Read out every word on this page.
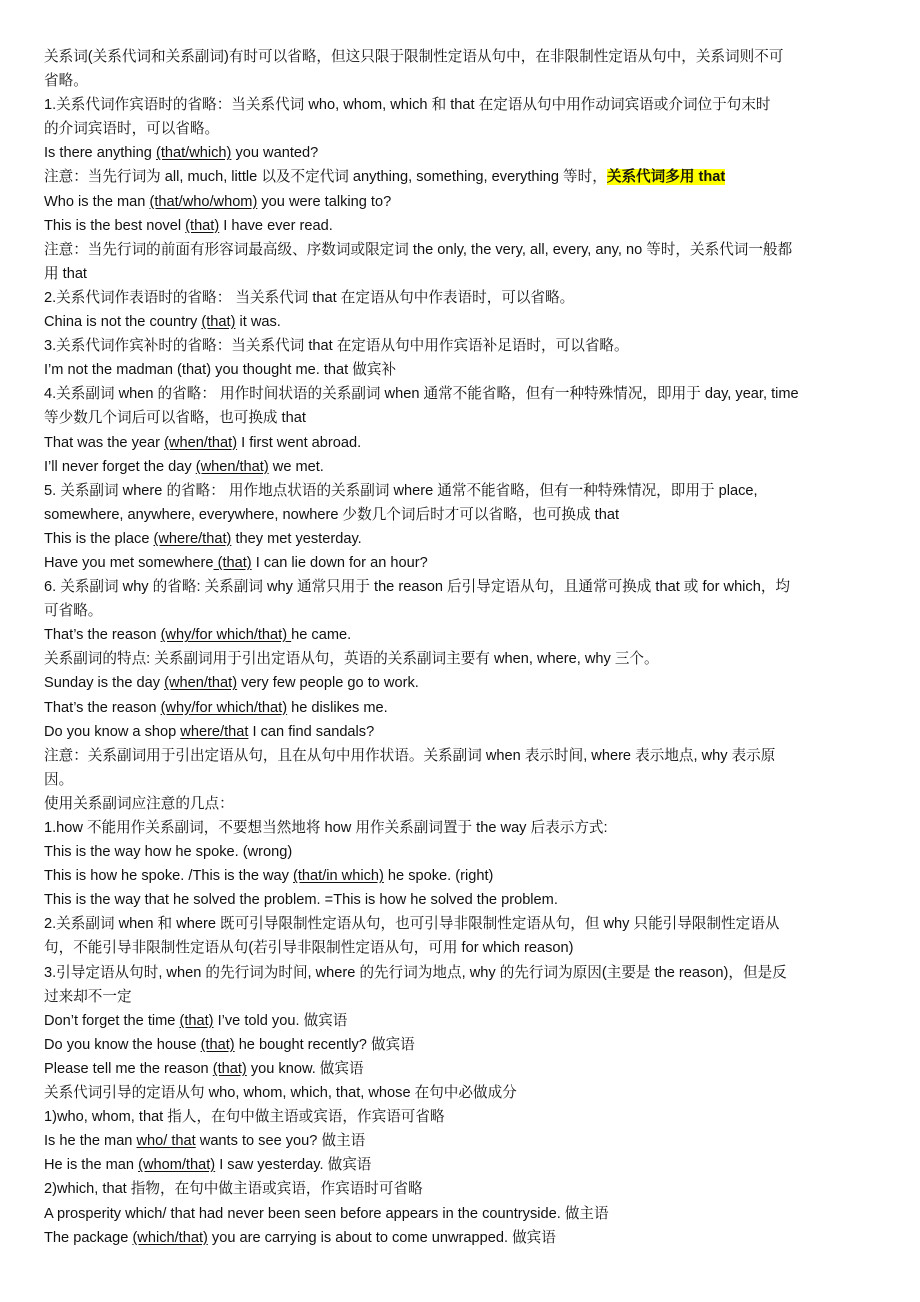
关系词(关系代词和关系副词)有时可以省略，但这只限于限制性定语从句中，在非限制性定语从句中，关系词则不可
省略。
1.关系代词作宾语时的省略：当关系代词 who, whom, which 和 that 在定语从句中用作动词宾语或介词位于句末时
的介词宾语时，可以省略。
Is there anything (that/which) you wanted?
注意：当先行词为 all, much, little 以及不定代词 anything, something, everything 等时，关系代词多用 that
Who is the man (that/who/whom) you were talking to?
This is the best novel (that) I have ever read.
注意：当先行词的前面有形容词最高级、序数词或限定词 the only, the very, all, every, any, no 等时，关系代词一般都
用 that
2.关系代词作表语时的省略： 当关系代词 that 在定语从句中作表语时，可以省略。
China is not the country (that) it was.
3.关系代词作宾补时的省略：当关系代词 that 在定语从句中用作宾语补足语时，可以省略。
I’m not the madman (that) you thought me. that 做宾补
4.关系副词 when 的省略： 用作时间状语的关系副词 when 通常不能省略，但有一种特殊情况，即用于 day, year, time
等少数几个词后可以省略，也可换成 that
That was the year (when/that) I first went abroad.
I’ll never forget the day (when/that) we met.
5. 关系副词 where 的省略： 用作地点状语的关系副词 where 通常不能省略，但有一种特殊情况，即用于 place,
somewhere, anywhere, everywhere, nowhere 少数几个词后时才可以省略，也可换成 that
This is the place (where/that) they met yesterday.
Have you met somewhere (that) I can lie down for an hour?
6. 关系副词 why 的省略: 关系副词 why 通常只用于 the reason 后引导定语从句，且通常可换成 that 或 for which，均
可省略。
That’s the reason (why/for which/that) he came.
关系副词的特点: 关系副词用于引出定语从句，英语的关系副词主要有 when, where, why 三个。
Sunday is the day (when/that) very few people go to work.
That’s the reason (why/for which/that) he dislikes me.
Do you know a shop where/that I can find sandals?
注意：关系副词用于引出定语从句，且在从句中用作状语。关系副词 when 表示时间, where 表示地点, why 表示原
因。
使用关系副词应注意的几点：
1.how 不能用作关系副词，不要想当然地将 how 用作关系副词置于 the way 后表示方式:
This is the way how he spoke. (wrong)
This is how he spoke. /This is the way (that/in which) he spoke. (right)
This is the way that he solved the problem. =This is how he solved the problem.
2.关系副词 when 和 where 既可引导限制性定语从句，也可引导非限制性定语从句，但 why 只能引导限制性定语从
句，不能引导非限制性定语从句(若引导非限制性定语从句，可用 for which reason)
3.引导定语从句时, when 的先行词为时间, where 的先行词为地点, why 的先行词为原因(主要是 the reason)，但是反
过来却不一定
Don’t forget the time (that) I’ve told you. 做宾语
Do you know the house (that) he bought recently? 做宾语
Please tell me the reason (that) you know. 做宾语
关系代词引导的定语从句 who, whom, which, that, whose 在句中必做成分
1)who, whom, that 指人，在句中做主语或宾语，作宾语可省略
Is he the man who/ that wants to see you? 做主语
He is the man (whom/that) I saw yesterday. 做宾语
2)which, that 指物，在句中做主语或宾语，作宾语时可省略
A prosperity which/ that had never been seen before appears in the countryside. 做主语
The package (which/that) you are carrying is about to come unwrapped. 做宾语
